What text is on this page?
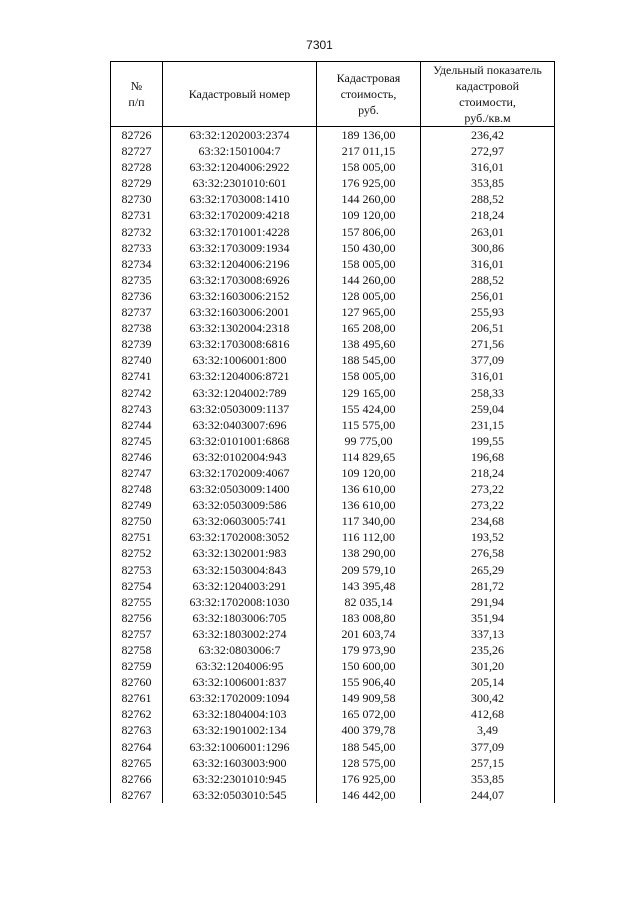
7301
№
п/п	Кадастровый номер	Кадастровая
стоимость,
руб.	Удельный показатель
кадастровой
стоимости,
руб./кв.м

82726	63:32:1202003:2374	189 136,00	236,42
82727	63:32:1501004:7	217 011,15	272,97
82728	63:32:1204006:2922	158 005,00	316,01
82729	63:32:2301010:601	176 925,00	353,85
82730	63:32:1703008:1410	144 260,00	288,52
82731	63:32:1702009:4218	109 120,00	218,24
82732	63:32:1701001:4228	157 806,00	263,01
82733	63:32:1703009:1934	150 430,00	300,86
82734	63:32:1204006:2196	158 005,00	316,01
82735	63:32:1703008:6926	144 260,00	288,52
82736	63:32:1603006:2152	128 005,00	256,01
82737	63:32:1603006:2001	127 965,00	255,93
82738	63:32:1302004:2318	165 208,00	206,51
82739	63:32:1703008:6816	138 495,60	271,56
82740	63:32:1006001:800	188 545,00	377,09
82741	63:32:1204006:8721	158 005,00	316,01
82742	63:32:1204002:789	129 165,00	258,33
82743	63:32:0503009:1137	155 424,00	259,04
82744	63:32:0403007:696	115 575,00	231,15
82745	63:32:0101001:6868	99 775,00	199,55
82746	63:32:0102004:943	114 829,65	196,68
82747	63:32:1702009:4067	109 120,00	218,24
82748	63:32:0503009:1400	136 610,00	273,22
82749	63:32:0503009:586	136 610,00	273,22
82750	63:32:0603005:741	117 340,00	234,68
82751	63:32:1702008:3052	116 112,00	193,52
82752	63:32:1302001:983	138 290,00	276,58
82753	63:32:1503004:843	209 579,10	265,29
82754	63:32:1204003:291	143 395,48	281,72
82755	63:32:1702008:1030	82 035,14	291,94
82756	63:32:1803006:705	183 008,80	351,94
82757	63:32:1803002:274	201 603,74	337,13
82758	63:32:0803006:7	179 973,90	235,26
82759	63:32:1204006:95	150 600,00	301,20
82760	63:32:1006001:837	155 906,40	205,14
82761	63:32:1702009:1094	149 909,58	300,42
82762	63:32:1804004:103	165 072,00	412,68
82763	63:32:1901002:134	400 379,78	3,49
82764	63:32:1006001:1296	188 545,00	377,09
82765	63:32:1603003:900	128 575,00	257,15
82766	63:32:2301010:945	176 925,00	353,85
82767	63:32:0503010:545	146 442,00	244,07
